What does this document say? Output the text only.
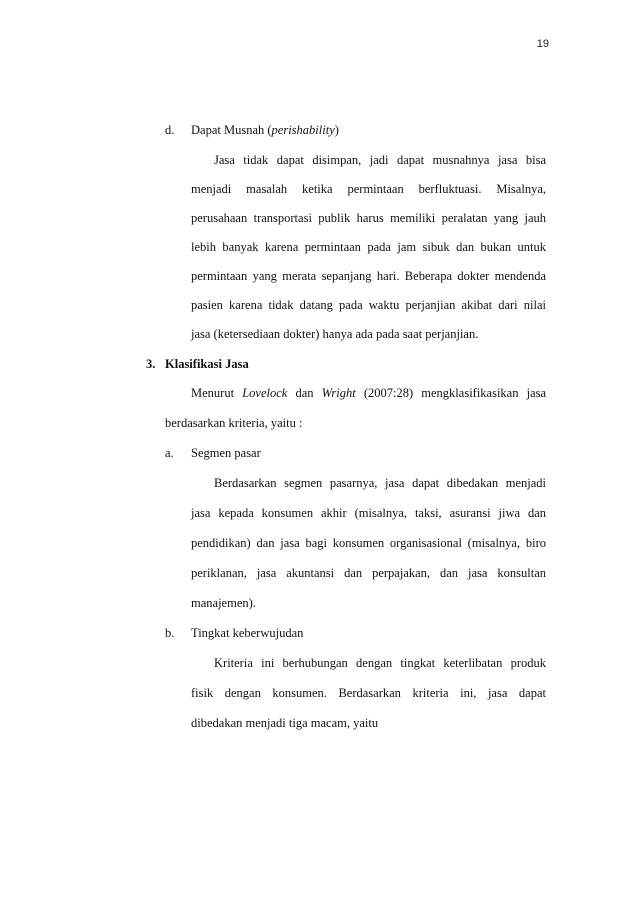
19
d. Dapat Musnah (perishability)
Jasa tidak dapat disimpan, jadi dapat musnahnya jasa bisa
menjadi masalah ketika permintaan berfluktuasi. Misalnya,
perusahaan transportasi publik harus memiliki peralatan yang jauh
lebih banyak karena permintaan pada jam sibuk dan bukan untuk
permintaan yang merata sepanjang hari. Beberapa dokter mendenda
pasien karena tidak datang pada waktu perjanjian akibat dari nilai
jasa (ketersediaan dokter) hanya ada pada saat perjanjian.
3. Klasifikasi Jasa
Menurut Lovelock dan Wright (2007:28) mengklasifikasikan jasa
berdasarkan kriteria, yaitu :
a. Segmen pasar
Berdasarkan segmen pasarnya, jasa dapat dibedakan menjadi
jasa kepada konsumen akhir (misalnya, taksi, asuransi jiwa dan
pendidikan) dan jasa bagi konsumen organisasional (misalnya, biro
periklanan, jasa akuntansi dan perpajakan, dan jasa konsultan
manajemen).
b. Tingkat keberwujudan
Kriteria ini berhubungan dengan tingkat keterlibatan produk
fisik dengan konsumen. Berdasarkan kriteria ini, jasa dapat
dibedakan menjadi tiga macam, yaitu
